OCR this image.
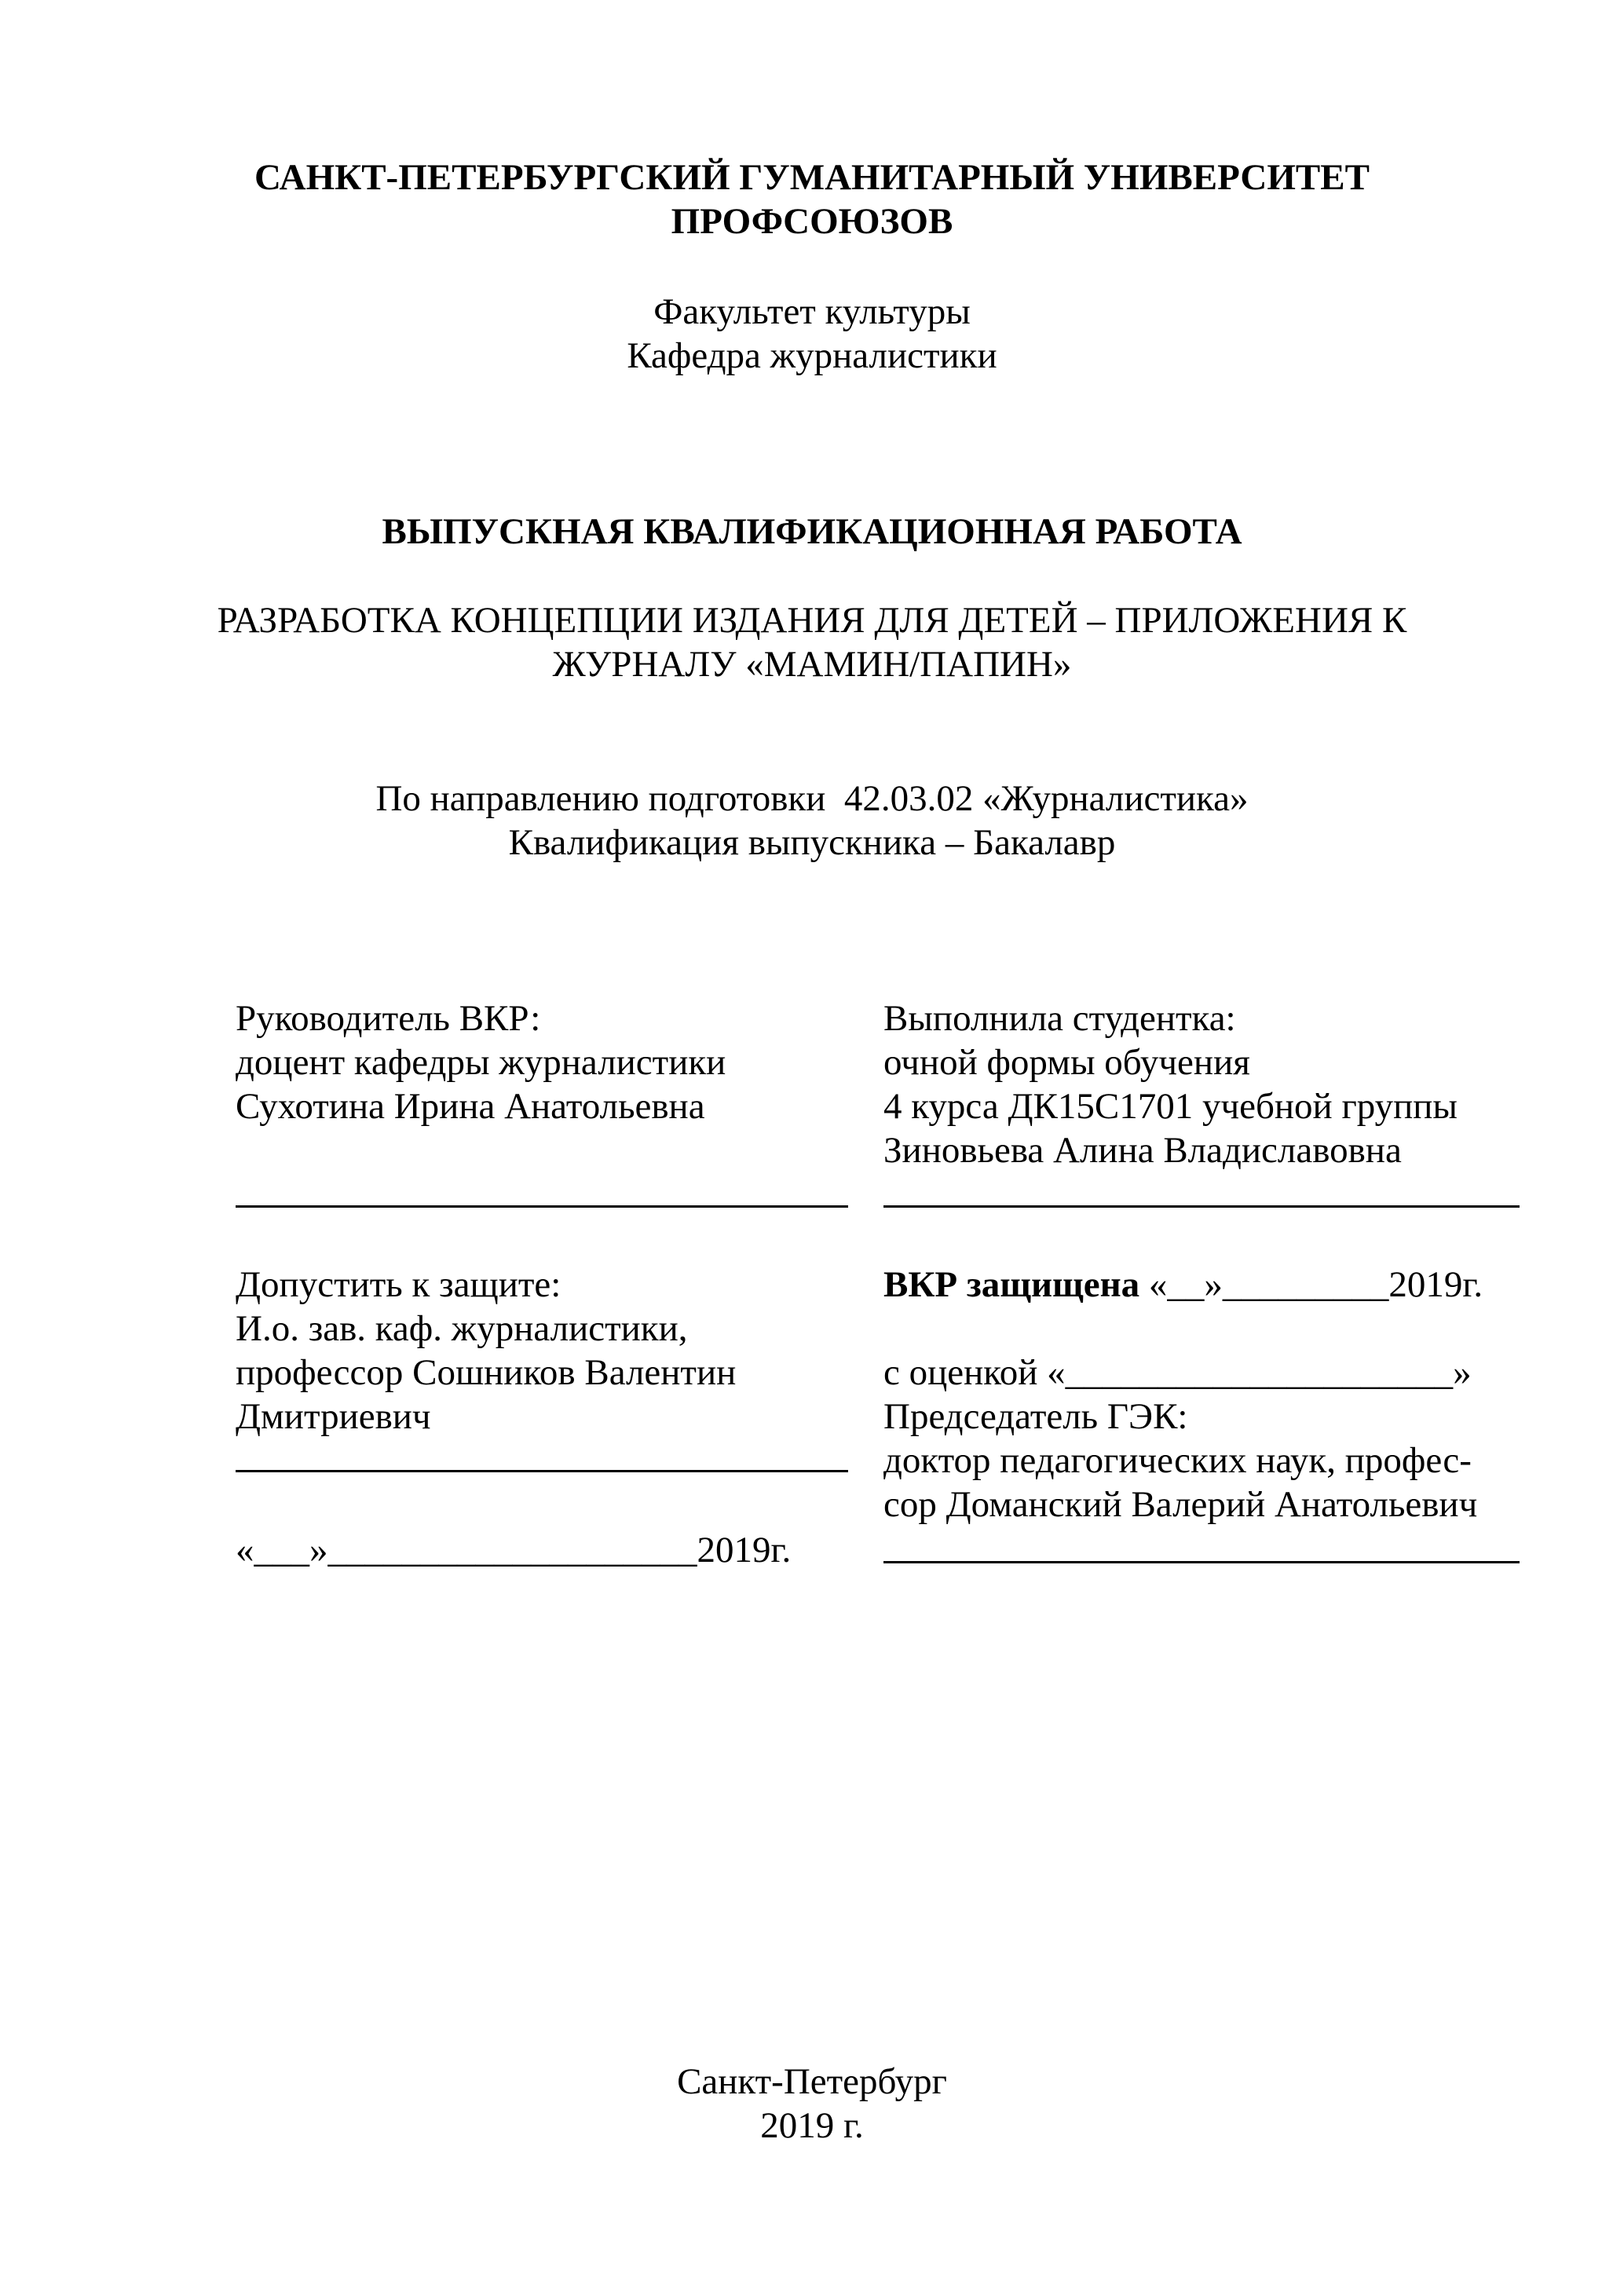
САНКТ-ПЕТЕРБУРГСКИЙ ГУМАНИТАРНЫЙ УНИВЕРСИТЕТ
ПРОФСОЮЗОВ
Факультет культуры
Кафедра журналистики
ВЫПУСКНАЯ КВАЛИФИКАЦИОННАЯ РАБОТА
РАЗРАБОТКА КОНЦЕПЦИИ ИЗДАНИЯ ДЛЯ ДЕТЕЙ – ПРИЛОЖЕНИЯ К
ЖУРНАЛУ «МАМИН/ПАПИН»
По направлению подготовки  42.03.02 «Журналистика»
Квалификация выпускника – Бакалавр
Руководитель ВКР:
доцент кафедры журналистики
Сухотина Ирина Анатольевна
Выполнила студентка:
очной формы обучения
4 курса ДК15С1701 учебной группы
Зиновьева Алина Владиславовна
Допустить к защите:
И.о. зав. каф. журналистики,
профессор Сошников Валентин
Дмитриевич
«___»____________________2019г.
ВКР защищена «__»_________2019г.
с оценкой «_____________________»
Председатель ГЭК:
доктор педагогических наук, профес-
сор Доманский Валерий Анатольевич
Санкт-Петербург
2019 г.
